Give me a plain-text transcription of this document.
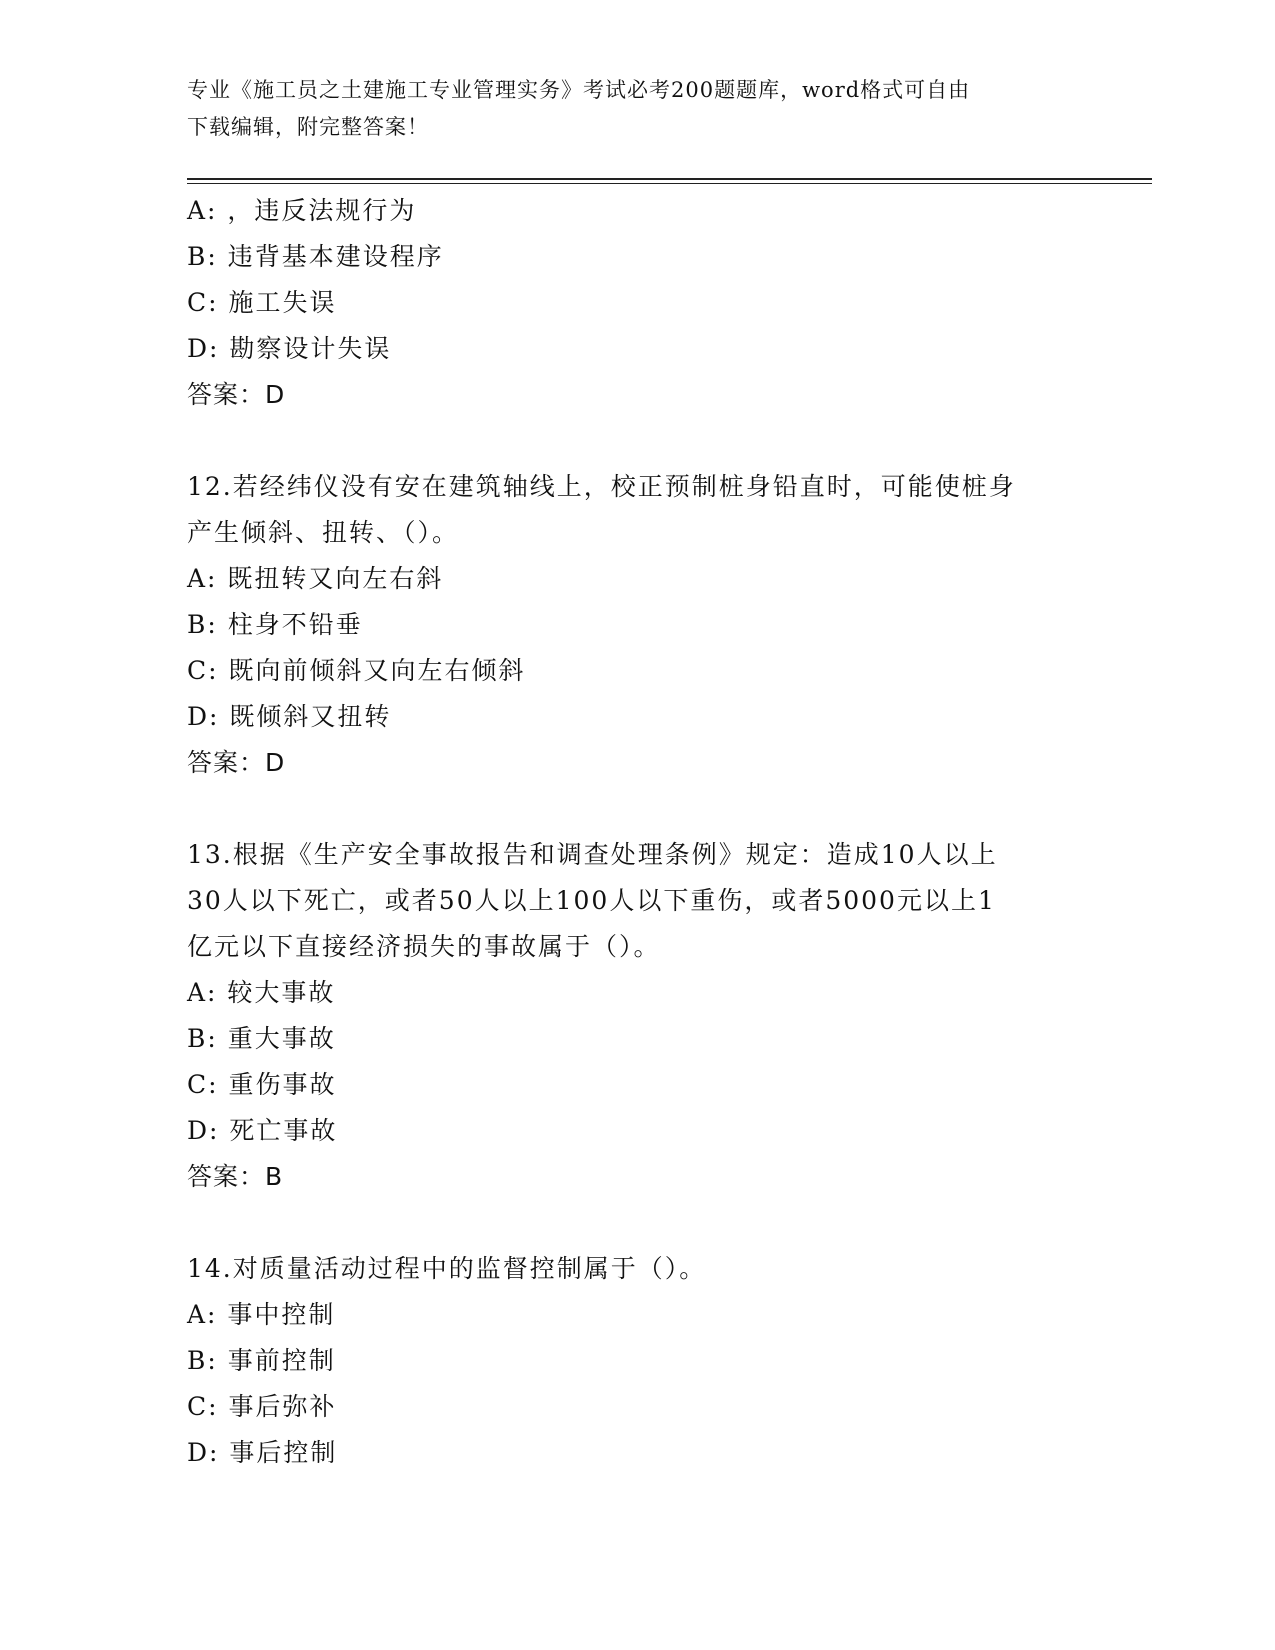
专业《施工员之土建施工专业管理实务》考试必考200题题库，word格式可自由
下载编辑，附完整答案！
A: ，违反法规行为
B: 违背基本建设程序
C: 施工失误
D: 勘察设计失误
答案：D
12.若经纬仪没有安在建筑轴线上，校正预制桩身铅直时，可能使桩身
产生倾斜、扭转、（）。
A: 既扭转又向左右斜
B: 柱身不铅垂
C: 既向前倾斜又向左右倾斜
D: 既倾斜又扭转
答案：D
13.根据《生产安全事故报告和调查处理条例》规定：造成10人以上
30人以下死亡，或者50人以上100人以下重伤，或者5000元以上1
亿元以下直接经济损失的事故属于（）。
A: 较大事故
B: 重大事故
C: 重伤事故
D: 死亡事故
答案：B
14.对质量活动过程中的监督控制属于（）。
A: 事中控制
B: 事前控制
C: 事后弥补
D: 事后控制
